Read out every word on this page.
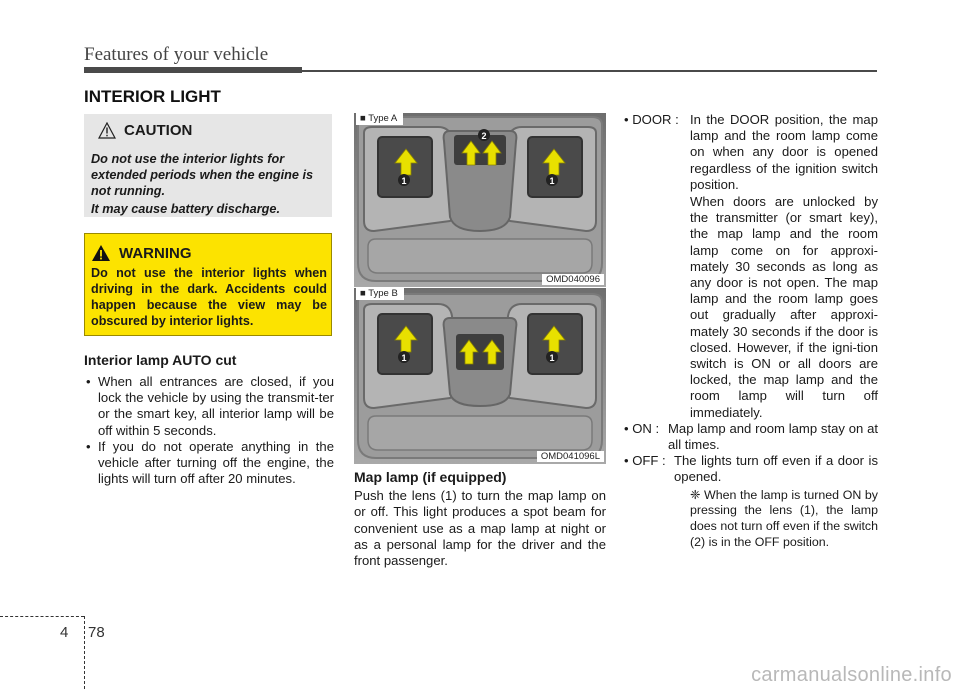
Features of your vehicle
INTERIOR LIGHT
CAUTION

Do not use the interior lights for extended periods when the engine is not running.

It may cause battery discharge.

WARNING
Do not use the interior lights when driving in the dark. Accidents could happen because the view may be obscured by interior lights.
Interior lamp AUTO cut
• When all entrances are closed, if you lock the vehicle by using the transmit-ter or the smart key, all interior lamp will be off within 5 seconds.
• If you do not operate anything in the vehicle after turning off the engine, the lights will turn off after 20 minutes.
1
2
1
■ Type A
OMD040096
1	1
■ Type B
OMD041096L
Map lamp (if equipped)
Push the lens (1) to turn the map lamp on or off. This light produces a spot beam for convenient use as a map lamp at night or as a personal lamp for the driver and the front passenger.
• DOOR : In the DOOR position, the map lamp and the room lamp come on when any door is opened regardless of the ignition switch position.
When doors are unlocked by the transmitter (or smart key), the map lamp and the room lamp come on for approxi-mately 30 seconds as long as any door is not open. The map lamp and the room lamp goes out gradually after approxi-mately 30 seconds if the door is closed. However, if the igni-tion switch is ON or all doors are locked, the map lamp and the room lamp will turn off immediately.
• ON : Map lamp and room lamp stay on at all times.
• OFF : The lights turn off even if a door is opened.
❈ When the lamp is turned ON by pressing the lens (1), the lamp does not turn off even if the switch (2) is in the OFF position.
4 78
carmanualsonline.info
